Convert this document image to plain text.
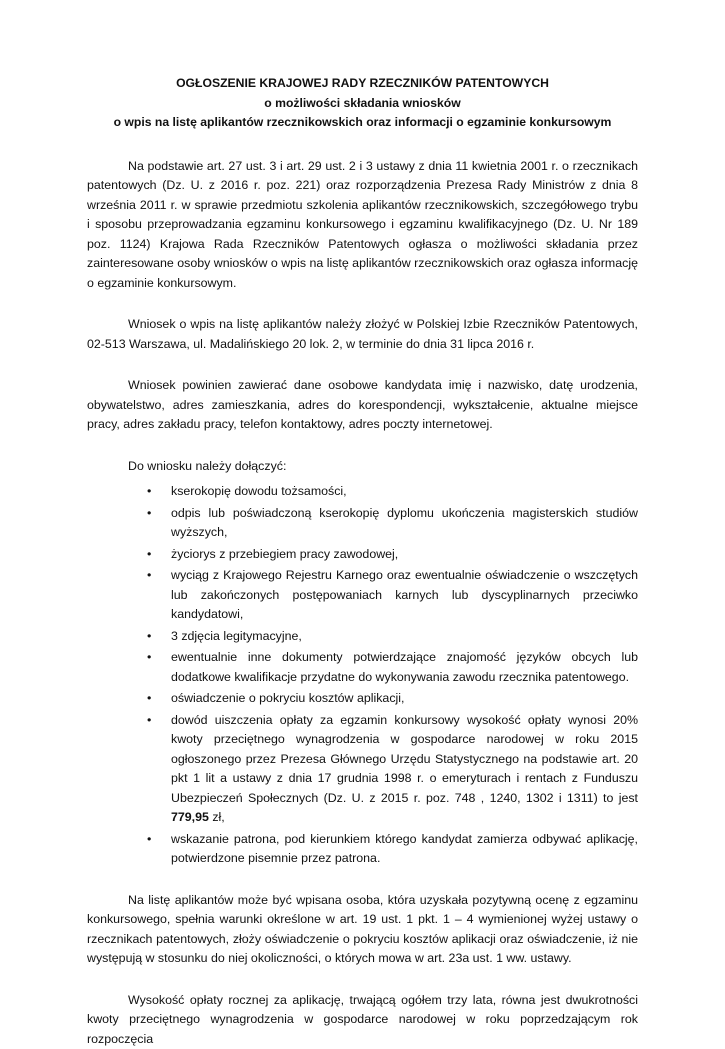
OGŁOSZENIE KRAJOWEJ RADY RZECZNIKÓW PATENTOWYCH

o możliwości składania wniosków

o wpis na listę aplikantów rzecznikowskich oraz informacji o egzaminie konkursowym

Na podstawie art. 27 ust. 3 i art. 29 ust. 2 i 3 ustawy z dnia 11 kwietnia 2001 r. o rzecznikach patentowych (Dz. U. z 2016 r. poz. 221) oraz rozporządzenia Prezesa Rady Ministrów z dnia 8 września 2011 r. w sprawie przedmiotu szkolenia aplikantów rzecznikowskich, szczegółowego trybu i sposobu przeprowadzania egzaminu konkursowego i egzaminu kwalifikacyjnego (Dz. U. Nr 189 poz. 1124) Krajowa Rada Rzeczników Patentowych ogłasza o możliwości składania przez zainteresowane osoby wniosków o wpis na listę aplikantów rzecznikowskich oraz ogłasza informację o egzaminie konkursowym.

Wniosek o wpis na listę aplikantów należy złożyć w Polskiej Izbie Rzeczników Patentowych, 02-513 Warszawa, ul. Madalińskiego 20 lok. 2, w terminie do dnia 31 lipca 2016 r.

Wniosek powinien zawierać dane osobowe kandydata imię i nazwisko, datę urodzenia, obywatelstwo, adres zamieszkania, adres do korespondencji, wykształcenie, aktualne miejsce pracy, adres zakładu pracy, telefon kontaktowy, adres poczty internetowej.

Do wniosku należy dołączyć:

• kserokopię dowodu tożsamości,
• odpis lub poświadczoną kserokopię dyplomu ukończenia magisterskich studiów wyższych,
• życiorys z przebiegiem pracy zawodowej,
• wyciąg z Krajowego Rejestru Karnego oraz ewentualnie oświadczenie o wszczętych lub zakończonych postępowaniach karnych lub dyscyplinarnych przeciwko kandydatowi,
• 3 zdjęcia legitymacyjne,
• ewentualnie inne dokumenty potwierdzające znajomość języków obcych lub dodatkowe kwalifikacje przydatne do wykonywania zawodu rzecznika patentowego.
• oświadczenie o pokryciu kosztów aplikacji,
• dowód uiszczenia opłaty za egzamin konkursowy wysokość opłaty wynosi 20% kwoty przeciętnego wynagrodzenia w gospodarce narodowej w roku 2015 ogłoszonego przez Prezesa Głównego Urzędu Statystycznego na podstawie art. 20 pkt 1 lit a ustawy z dnia 17 grudnia 1998 r. o emeryturach i rentach z Funduszu Ubezpieczeń Społecznych (Dz. U. z 2015 r. poz. 748 , 1240, 1302 i 1311) to jest 779,95 zł,
• wskazanie patrona, pod kierunkiem którego kandydat zamierza odbywać aplikację, potwierdzone pisemnie przez patrona.

Na listę aplikantów może być wpisana osoba, która uzyskała pozytywną ocenę z egzaminu konkursowego, spełnia warunki określone w art. 19 ust. 1 pkt. 1 – 4 wymienionej wyżej ustawy o rzecznikach patentowych, złoży oświadczenie o pokryciu kosztów aplikacji oraz oświadczenie, iż nie występują w stosunku do niej okoliczności, o których mowa w art. 23a ust. 1 ww. ustawy.

Wysokość opłaty rocznej za aplikację, trwającą ogółem trzy lata, równa jest dwukrotności kwoty przeciętnego wynagrodzenia w gospodarce narodowej w roku poprzedzającym rok rozpoczęcia
